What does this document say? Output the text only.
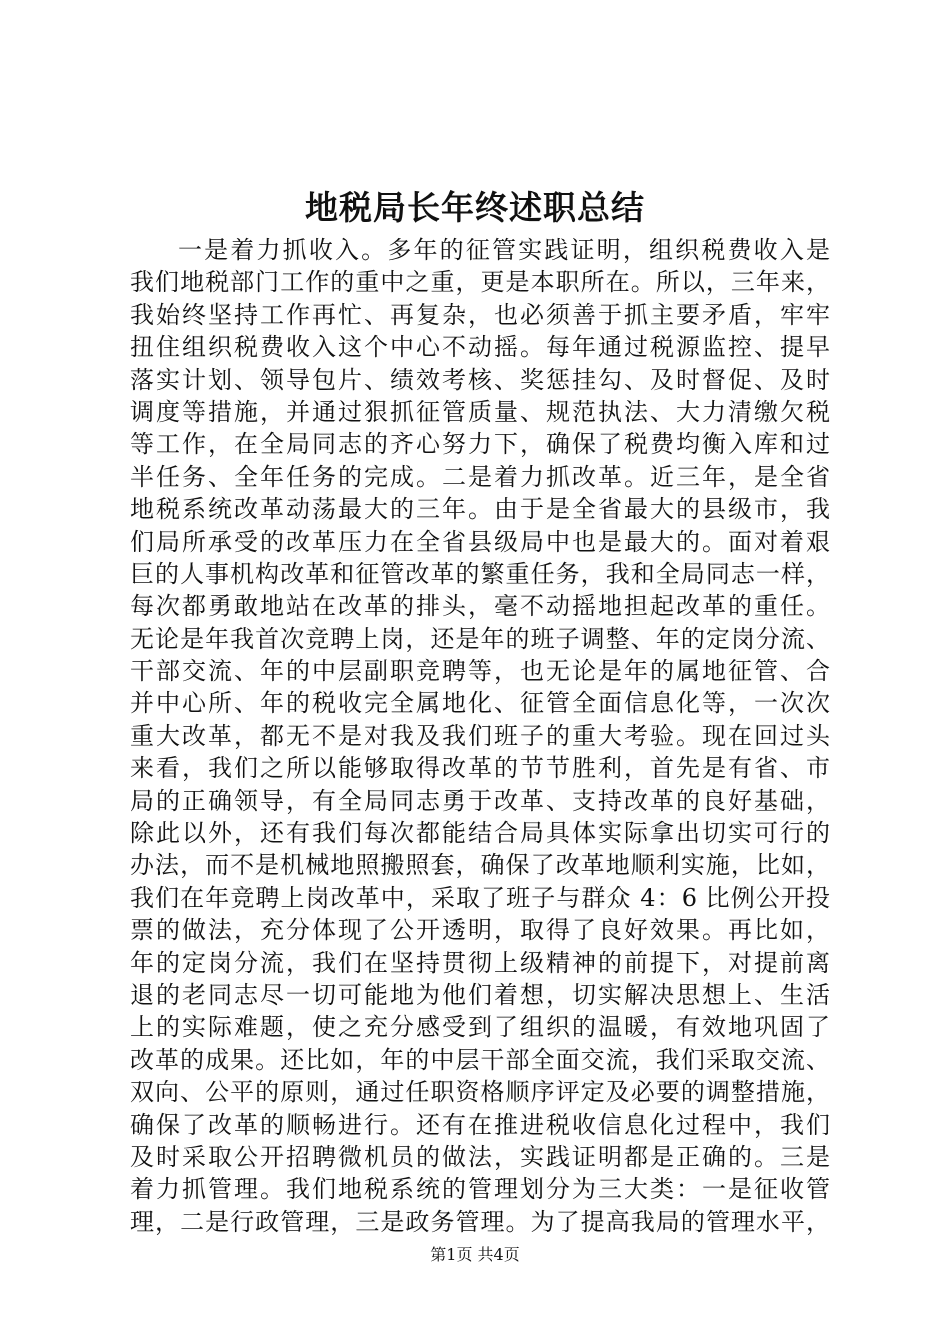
地税局长年终述职总结
一是着力抓收入。多年的征管实践证明，组织税费收入是
我们地税部门工作的重中之重，更是本职所在。所以，三年来，
我始终坚持工作再忙、再复杂，也必须善于抓主要矛盾，牢牢
扭住组织税费收入这个中心不动摇。每年通过税源监控、提早
落实计划、领导包片、绩效考核、奖惩挂勾、及时督促、及时
调度等措施，并通过狠抓征管质量、规范执法、大力清缴欠税
等工作，在全局同志的齐心努力下，确保了税费均衡入库和过
半任务、全年任务的完成。二是着力抓改革。近三年，是全省
地税系统改革动荡最大的三年。由于是全省最大的县级市，我
们局所承受的改革压力在全省县级局中也是最大的。面对着艰
巨的人事机构改革和征管改革的繁重任务，我和全局同志一样，
每次都勇敢地站在改革的排头，毫不动摇地担起改革的重任。
无论是年我首次竞聘上岗，还是年的班子调整、年的定岗分流、
干部交流、年的中层副职竞聘等，也无论是年的属地征管、合
并中心所、年的税收完全属地化、征管全面信息化等，一次次
重大改革，都无不是对我及我们班子的重大考验。现在回过头
来看，我们之所以能够取得改革的节节胜利，首先是有省、市
局的正确领导，有全局同志勇于改革、支持改革的良好基础，
除此以外，还有我们每次都能结合局具体实际拿出切实可行的
办法，而不是机械地照搬照套，确保了改革地顺利实施，比如，
我们在年竞聘上岗改革中，采取了班子与群众 4：6 比例公开投
票的做法，充分体现了公开透明，取得了良好效果。再比如，
年的定岗分流，我们在坚持贯彻上级精神的前提下，对提前离
退的老同志尽一切可能地为他们着想，切实解决思想上、生活
上的实际难题，使之充分感受到了组织的温暖，有效地巩固了
改革的成果。还比如，年的中层干部全面交流，我们采取交流、
双向、公平的原则，通过任职资格顺序评定及必要的调整措施，
确保了改革的顺畅进行。还有在推进税收信息化过程中，我们
及时采取公开招聘微机员的做法，实践证明都是正确的。三是
着力抓管理。我们地税系统的管理划分为三大类：一是征收管
理，二是行政管理，三是政务管理。为了提高我局的管理水平，
第1页 共4页
